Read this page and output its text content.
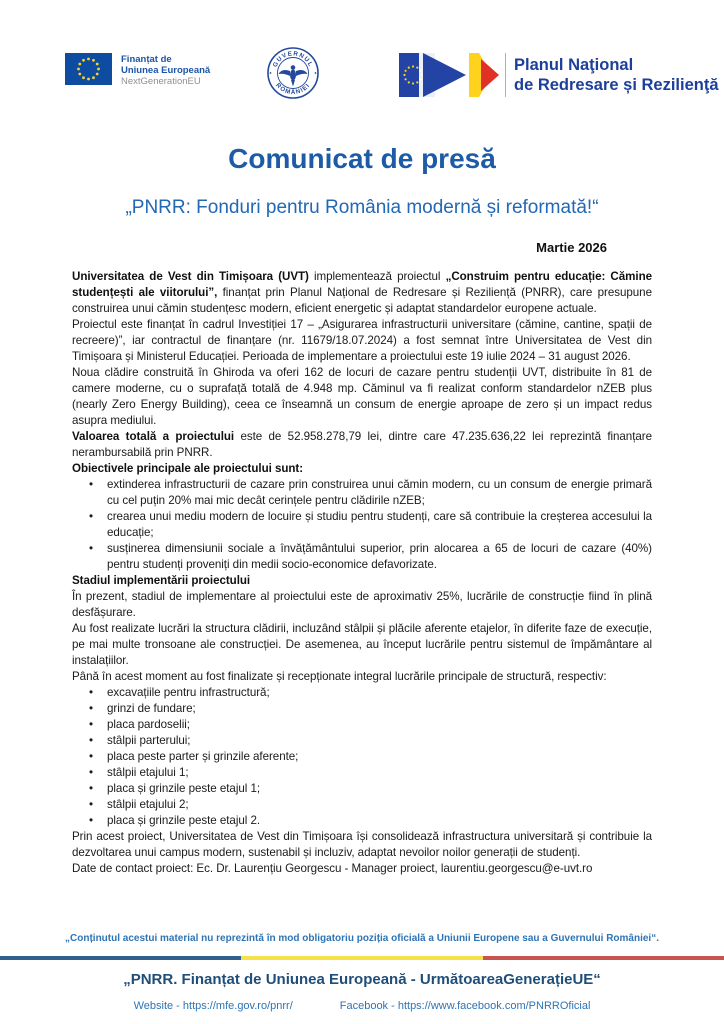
Finanțat de
Uniunea Europeană
NextGenerationEU
GUVERNUL
ROMÂNIEI
Planul Naţional
de Redresare și Rezilienţă
Comunicat de presă
„PNRR: Fonduri pentru România modernă și reformată!“
Martie 2026

Universitatea de Vest din Timișoara (UVT) implementează proiectul „Construim pentru educație: Cămine studențești ale viitorului”, finanțat prin Planul Național de Redresare și Reziliență (PNRR), care presupune construirea unui cămin studențesc modern, eficient energetic și adaptat standardelor europene actuale.

Proiectul este finanțat în cadrul Investiției 17 – „Asigurarea infrastructurii universitare (cămine, cantine, spații de recreere)”, iar contractul de finanțare (nr. 11679/18.07.2024) a fost semnat între Universitatea de Vest din Timișoara și Ministerul Educației. Perioada de implementare a proiectului este 19 iulie 2024 – 31 august 2026.

Noua clădire construită în Ghiroda va oferi 162 de locuri de cazare pentru studenții UVT, distribuite în 81 de camere moderne, cu o suprafață totală de 4.948 mp. Căminul va fi realizat conform standardelor nZEB plus (nearly Zero Energy Building), ceea ce înseamnă un consum de energie aproape de zero și un impact redus asupra mediului.

Valoarea totală a proiectului este de 52.958.278,79 lei, dintre care 47.235.636,22 lei reprezintă finanțare nerambursabilă prin PNRR.

Obiectivele principale ale proiectului sunt:

• extinderea infrastructurii de cazare prin construirea unui cămin modern, cu un consum de energie primară cu cel puțin 20% mai mic decât cerințele pentru clădirile nZEB;
• crearea unui mediu modern de locuire și studiu pentru studenți, care să contribuie la creșterea accesului la educație;
• susținerea dimensiunii sociale a învățământului superior, prin alocarea a 65 de locuri de cazare (40%) pentru studenți proveniți din medii socio-economice defavorizate.

Stadiul implementării proiectului

În prezent, stadiul de implementare al proiectului este de aproximativ 25%, lucrările de construcție fiind în plină desfășurare.

Au fost realizate lucrări la structura clădirii, incluzând stâlpii și plăcile aferente etajelor, în diferite faze de execuție, pe mai multe tronsoane ale construcției. De asemenea, au început lucrările pentru sistemul de împământare al instalațiilor.

Până în acest moment au fost finalizate și recepționate integral lucrările principale de structură, respectiv:

• excavațiile pentru infrastructură;
• grinzi de fundare;
• placa pardoselii;
• stâlpii parterului;
• placa peste parter și grinzile aferente;
• stâlpii etajului 1;
• placa și grinzile peste etajul 1;
• stâlpii etajului 2;
• placa și grinzile peste etajul 2.

Prin acest proiect, Universitatea de Vest din Timișoara își consolidează infrastructura universitară și contribuie la dezvoltarea unui campus modern, sustenabil și incluziv, adaptat nevoilor noilor generații de studenți.

Date de contact proiect: Ec. Dr. Laurențiu Georgescu - Manager proiect, laurentiu.georgescu@e-uvt.ro

„Conținutul acestui material nu reprezintă în mod obligatoriu poziția oficială a Uniunii Europene sau a Guvernului României“.
„PNRR. Finanțat de Uniunea Europeană - UrmătoareaGenerațieUE“
Website - https://mfe.gov.ro/pnrr/	Facebook - https://www.facebook.com/PNRROficial
